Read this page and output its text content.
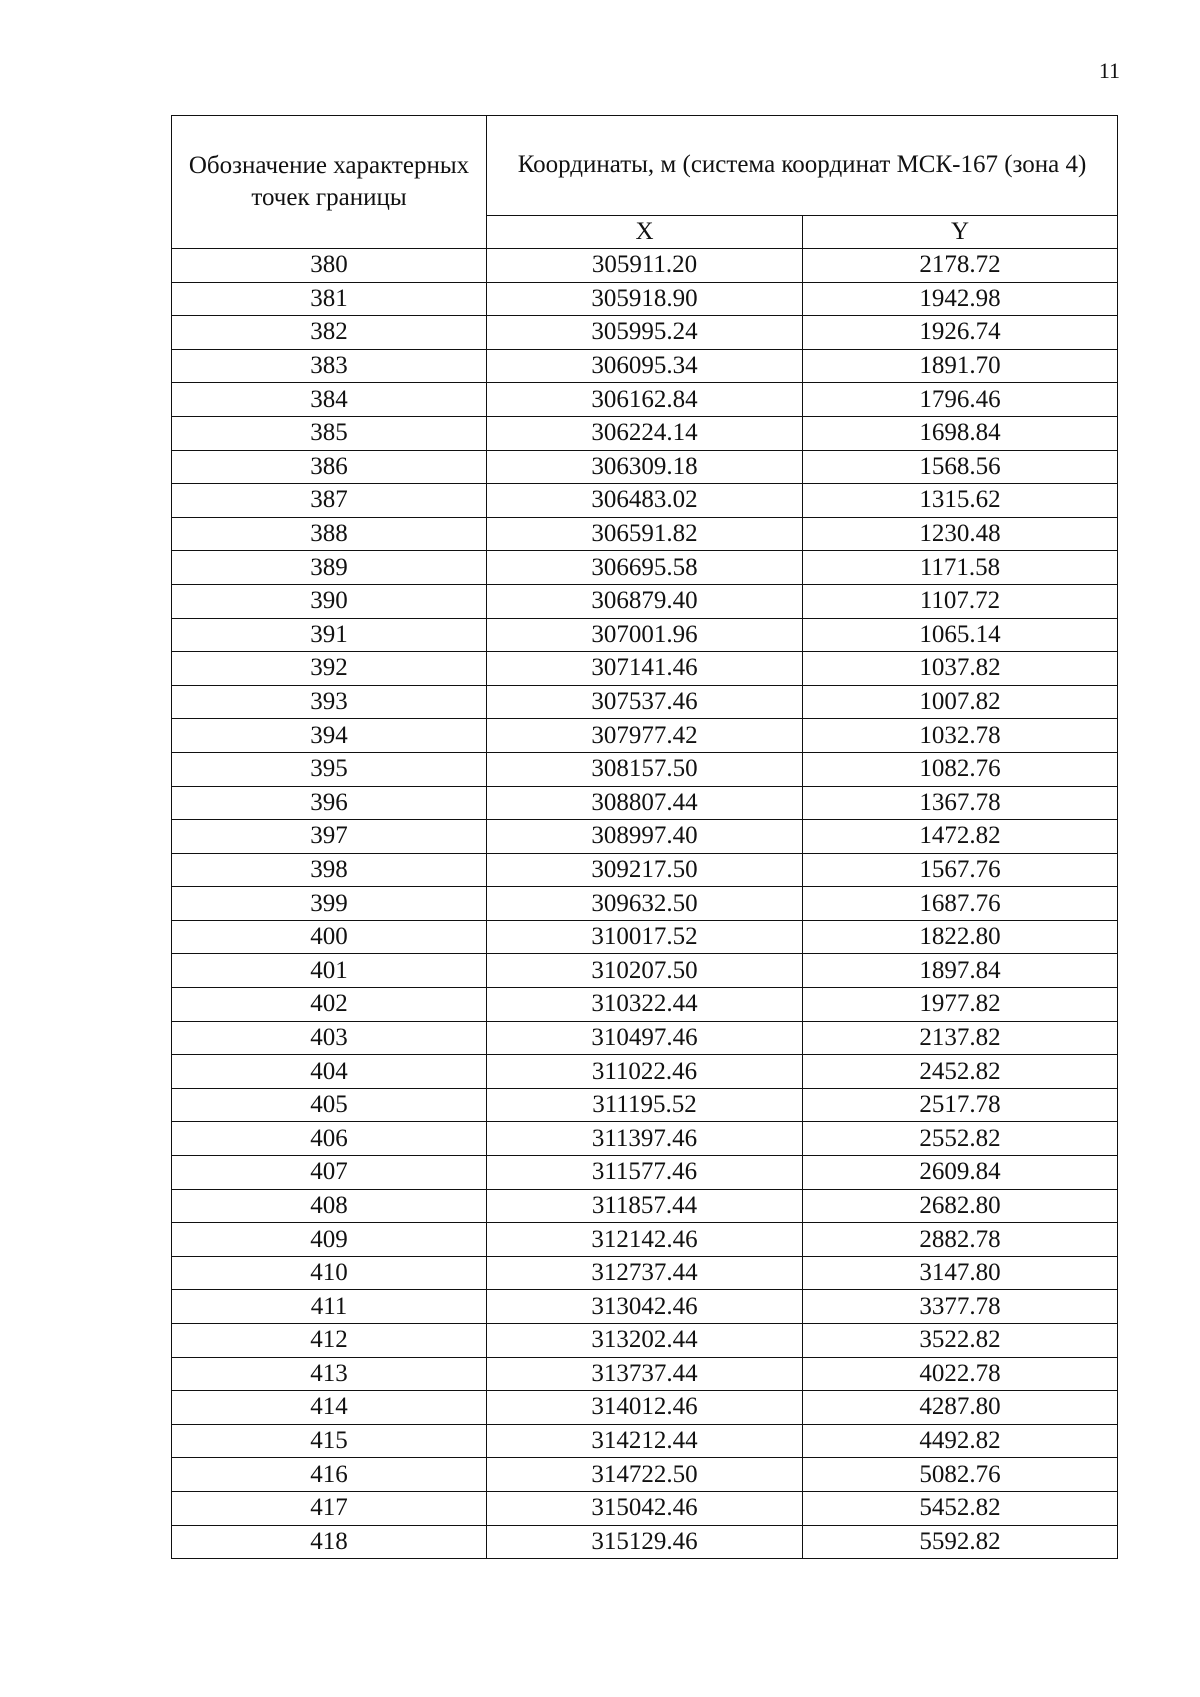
11
Обозначение характерных точек границы	Координаты, м (система координат МСК-167 (зона 4)	
	X	Y
380	305911.20	2178.72
381	305918.90	1942.98
382	305995.24	1926.74
383	306095.34	1891.70
384	306162.84	1796.46
385	306224.14	1698.84
386	306309.18	1568.56
387	306483.02	1315.62
388	306591.82	1230.48
389	306695.58	1171.58
390	306879.40	1107.72
391	307001.96	1065.14
392	307141.46	1037.82
393	307537.46	1007.82
394	307977.42	1032.78
395	308157.50	1082.76
396	308807.44	1367.78
397	308997.40	1472.82
398	309217.50	1567.76
399	309632.50	1687.76
400	310017.52	1822.80
401	310207.50	1897.84
402	310322.44	1977.82
403	310497.46	2137.82
404	311022.46	2452.82
405	311195.52	2517.78
406	311397.46	2552.82
407	311577.46	2609.84
408	311857.44	2682.80
409	312142.46	2882.78
410	312737.44	3147.80
411	313042.46	3377.78
412	313202.44	3522.82
413	313737.44	4022.78
414	314012.46	4287.80
415	314212.44	4492.82
416	314722.50	5082.76
417	315042.46	5452.82
418	315129.46	5592.82
